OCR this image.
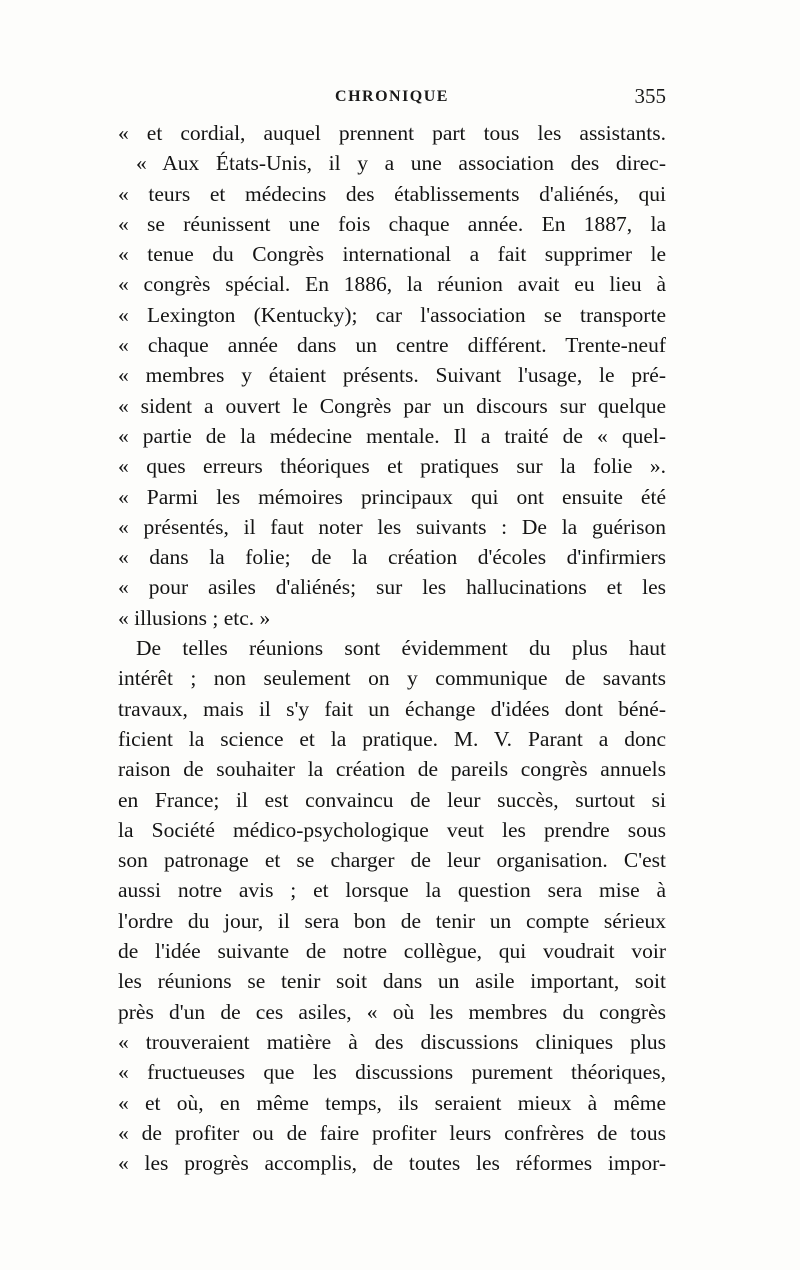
CHRONIQUE	355
« et cordial, auquel prennent part tous les assistants.
« Aux États-Unis, il y a une association des direc-
« teurs et médecins des établissements d'aliénés, qui
« se réunissent une fois chaque année. En 1887, la
« tenue du Congrès international a fait supprimer le
« congrès spécial. En 1886, la réunion avait eu lieu à
« Lexington (Kentucky); car l'association se transporte
« chaque année dans un centre différent. Trente-neuf
« membres y étaient présents. Suivant l'usage, le pré-
« sident a ouvert le Congrès par un discours sur quelque
« partie de la médecine mentale. Il a traité de « quel-
« ques erreurs théoriques et pratiques sur la folie ».
« Parmi les mémoires principaux qui ont ensuite été
« présentés, il faut noter les suivants : De la guérison
« dans la folie; de la création d'écoles d'infirmiers
« pour asiles d'aliénés; sur les hallucinations et les
« illusions ; etc. »
De telles réunions sont évidemment du plus haut
intérêt ; non seulement on y communique de savants
travaux, mais il s'y fait un échange d'idées dont béné-
ficient la science et la pratique. M. V. Parant a donc
raison de souhaiter la création de pareils congrès annuels
en France; il est convaincu de leur succès, surtout si
la Société médico-psychologique veut les prendre sous
son patronage et se charger de leur organisation. C'est
aussi notre avis ; et lorsque la question sera mise à
l'ordre du jour, il sera bon de tenir un compte sérieux
de l'idée suivante de notre collègue, qui voudrait voir
les réunions se tenir soit dans un asile important, soit
près d'un de ces asiles, « où les membres du congrès
« trouveraient matière à des discussions cliniques plus
« fructueuses que les discussions purement théoriques,
« et où, en même temps, ils seraient mieux à même
« de profiter ou de faire profiter leurs confrères de tous
« les progrès accomplis, de toutes les réformes impor-
